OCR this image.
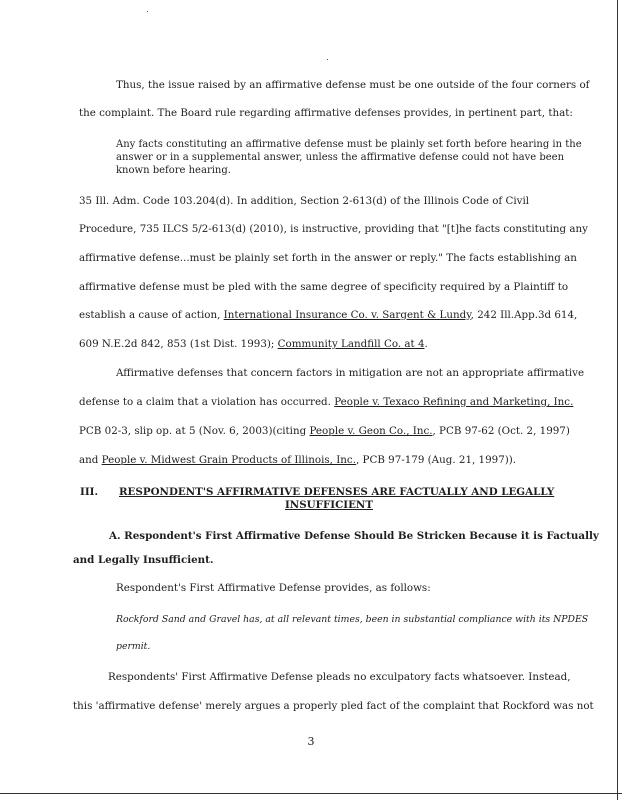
Thus, the issue raised by an affirmative defense must be one outside of the four corners of
the complaint. The Board rule regarding affirmative defenses provides, in pertinent part, that:
Any facts constituting an affirmative defense must be plainly set forth before hearing in the
answer or in a supplemental answer, unless the affirmative defense could not have been
known before hearing.
35 Ill. Adm. Code 103.204(d). In addition, Section 2-613(d) of the Illinois Code of Civil
Procedure, 735 ILCS 5/2-613(d) (2010), is instructive, providing that "[t]he facts constituting any
affirmative defense...must be plainly set forth in the answer or reply." The facts establishing an
affirmative defense must be pled with the same degree of specificity required by a Plaintiff to
establish a cause of action, International Insurance Co. v. Sargent & Lundy, 242 Ill.App.3d 614,
609 N.E.2d 842, 853 (1st Dist. 1993); Community Landfill Co. at 4.
Affirmative defenses that concern factors in mitigation are not an appropriate affirmative
defense to a claim that a violation has occurred. People v. Texaco Refining and Marketing, Inc.
PCB 02-3, slip op. at 5 (Nov. 6, 2003)(citing People v. Geon Co., Inc., PCB 97-62 (Oct. 2, 1997)
and People v. Midwest Grain Products of Illinois, Inc., PCB 97-179 (Aug. 21, 1997)).
III. RESPONDENT'S AFFIRMATIVE DEFENSES ARE FACTUALLY AND LEGALLY
INSUFFICIENT
A. Respondent's First Affirmative Defense Should Be Stricken Because it is Factually
and Legally Insufficient.
Respondent's First Affirmative Defense provides, as follows:
Rockford Sand and Gravel has, at all relevant times, been in substantial compliance with its NPDES
permit.
Respondents' First Affirmative Defense pleads no exculpatory facts whatsoever. Instead,
this 'affirmative defense' merely argues a properly pled fact of the complaint that Rockford was not
3
